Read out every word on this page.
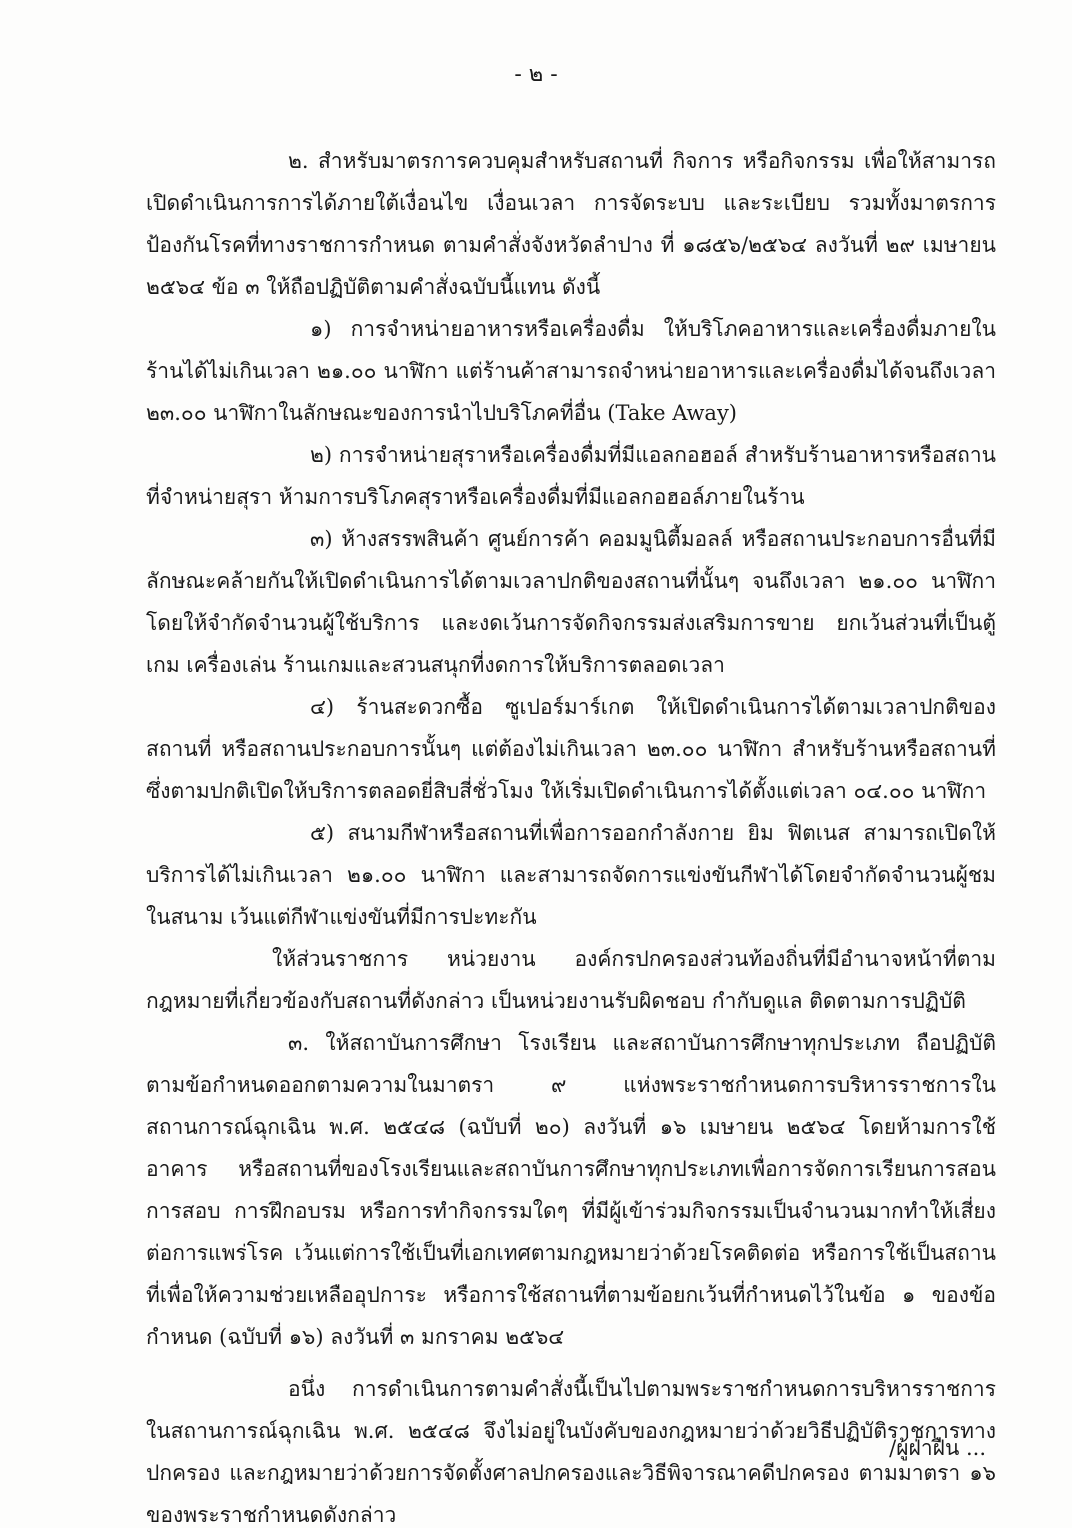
- ๒ -

๒. สำหรับมาตรการควบคุมสำหรับสถานที่ กิจการ หรือกิจกรรม เพื่อให้สามารถเปิดดำเนินการการได้ภายใต้เงื่อนไข เงื่อนเวลา การจัดระบบ และระเบียบ รวมทั้งมาตรการป้องกันโรคที่ทางราชการกำหนด ตามคำสั่งจังหวัดลำปาง ที่ ๑๘๕๖/๒๕๖๔ ลงวันที่ ๒๙ เมษายน ๒๕๖๔ ข้อ ๓ ให้ถือปฏิบัติตามคำสั่งฉบับนี้แทน ดังนี้

๑) การจำหน่ายอาหารหรือเครื่องดื่ม ให้บริโภคอาหารและเครื่องดื่มภายในร้านได้ไม่เกินเวลา ๒๑.๐๐ นาฬิกา แต่ร้านค้าสามารถจำหน่ายอาหารและเครื่องดื่มได้จนถึงเวลา ๒๓.๐๐ นาฬิกาในลักษณะของการนำไปบริโภคที่อื่น (Take Away)

๒) การจำหน่ายสุราหรือเครื่องดื่มที่มีแอลกอฮอล์ สำหรับร้านอาหารหรือสถานที่จำหน่ายสุรา ห้ามการบริโภคสุราหรือเครื่องดื่มที่มีแอลกอฮอล์ภายในร้าน

๓) ห้างสรรพสินค้า ศูนย์การค้า คอมมูนิตี้มอลล์ หรือสถานประกอบการอื่นที่มีลักษณะคล้ายกันให้เปิดดำเนินการได้ตามเวลาปกติของสถานที่นั้นๆ จนถึงเวลา ๒๑.๐๐ นาฬิกา โดยให้จำกัดจำนวนผู้ใช้บริการ และงดเว้นการจัดกิจกรรมส่งเสริมการขาย ยกเว้นส่วนที่เป็นตู้เกม เครื่องเล่น ร้านเกมและสวนสนุกที่งดการให้บริการตลอดเวลา

๔) ร้านสะดวกซื้อ ซูเปอร์มาร์เกต ให้เปิดดำเนินการได้ตามเวลาปกติของสถานที่ หรือสถานประกอบการนั้นๆ แต่ต้องไม่เกินเวลา ๒๓.๐๐ นาฬิกา สำหรับร้านหรือสถานที่ ซึ่งตามปกติเปิดให้บริการตลอดยี่สิบสี่ชั่วโมง ให้เริ่มเปิดดำเนินการได้ตั้งแต่เวลา ๐๔.๐๐ นาฬิกา

๕) สนามกีฬาหรือสถานที่เพื่อการออกกำลังกาย ยิม ฟิตเนส สามารถเปิดให้บริการได้ไม่เกินเวลา ๒๑.๐๐ นาฬิกา และสามารถจัดการแข่งขันกีฬาได้โดยจำกัดจำนวนผู้ชมในสนาม เว้นแต่กีฬาแข่งขันที่มีการปะทะกัน

ให้ส่วนราชการ หน่วยงาน องค์กรปกครองส่วนท้องถิ่นที่มีอำนาจหน้าที่ตามกฎหมายที่เกี่ยวข้องกับสถานที่ดังกล่าว เป็นหน่วยงานรับผิดชอบ กำกับดูแล ติดตามการปฏิบัติ

๓. ให้สถาบันการศึกษา โรงเรียน และสถาบันการศึกษาทุกประเภท ถือปฏิบัติตามข้อกำหนดออกตามความในมาตรา ๙ แห่งพระราชกำหนดการบริหารราชการในสถานการณ์ฉุกเฉิน พ.ศ. ๒๕๔๘ (ฉบับที่ ๒๐) ลงวันที่ ๑๖ เมษายน ๒๕๖๔ โดยห้ามการใช้อาคาร หรือสถานที่ของโรงเรียนและสถาบันการศึกษาทุกประเภทเพื่อการจัดการเรียนการสอน การสอบ การฝึกอบรม หรือการทำกิจกรรมใดๆ ที่มีผู้เข้าร่วมกิจกรรมเป็นจำนวนมากทำให้เสี่ยงต่อการแพร่โรค เว้นแต่การใช้เป็นที่เอกเทศตามกฎหมายว่าด้วยโรคติดต่อ หรือการใช้เป็นสถานที่เพื่อให้ความช่วยเหลืออุปการะ หรือการใช้สถานที่ตามข้อยกเว้นที่กำหนดไว้ในข้อ ๑ ของข้อกำหนด (ฉบับที่ ๑๖) ลงวันที่ ๓ มกราคม ๒๕๖๔

อนึ่ง การดำเนินการตามคำสั่งนี้เป็นไปตามพระราชกำหนดการบริหารราชการในสถานการณ์ฉุกเฉิน พ.ศ. ๒๕๔๘ จึงไม่อยู่ในบังคับของกฎหมายว่าด้วยวิธีปฏิบัติราชการทางปกครอง และกฎหมายว่าด้วยการจัดตั้งศาลปกครองและวิธีพิจารณาคดีปกครอง ตามมาตรา ๑๖ ของพระราชกำหนดดังกล่าว

/ผู้ฝ่าฝืน ...
